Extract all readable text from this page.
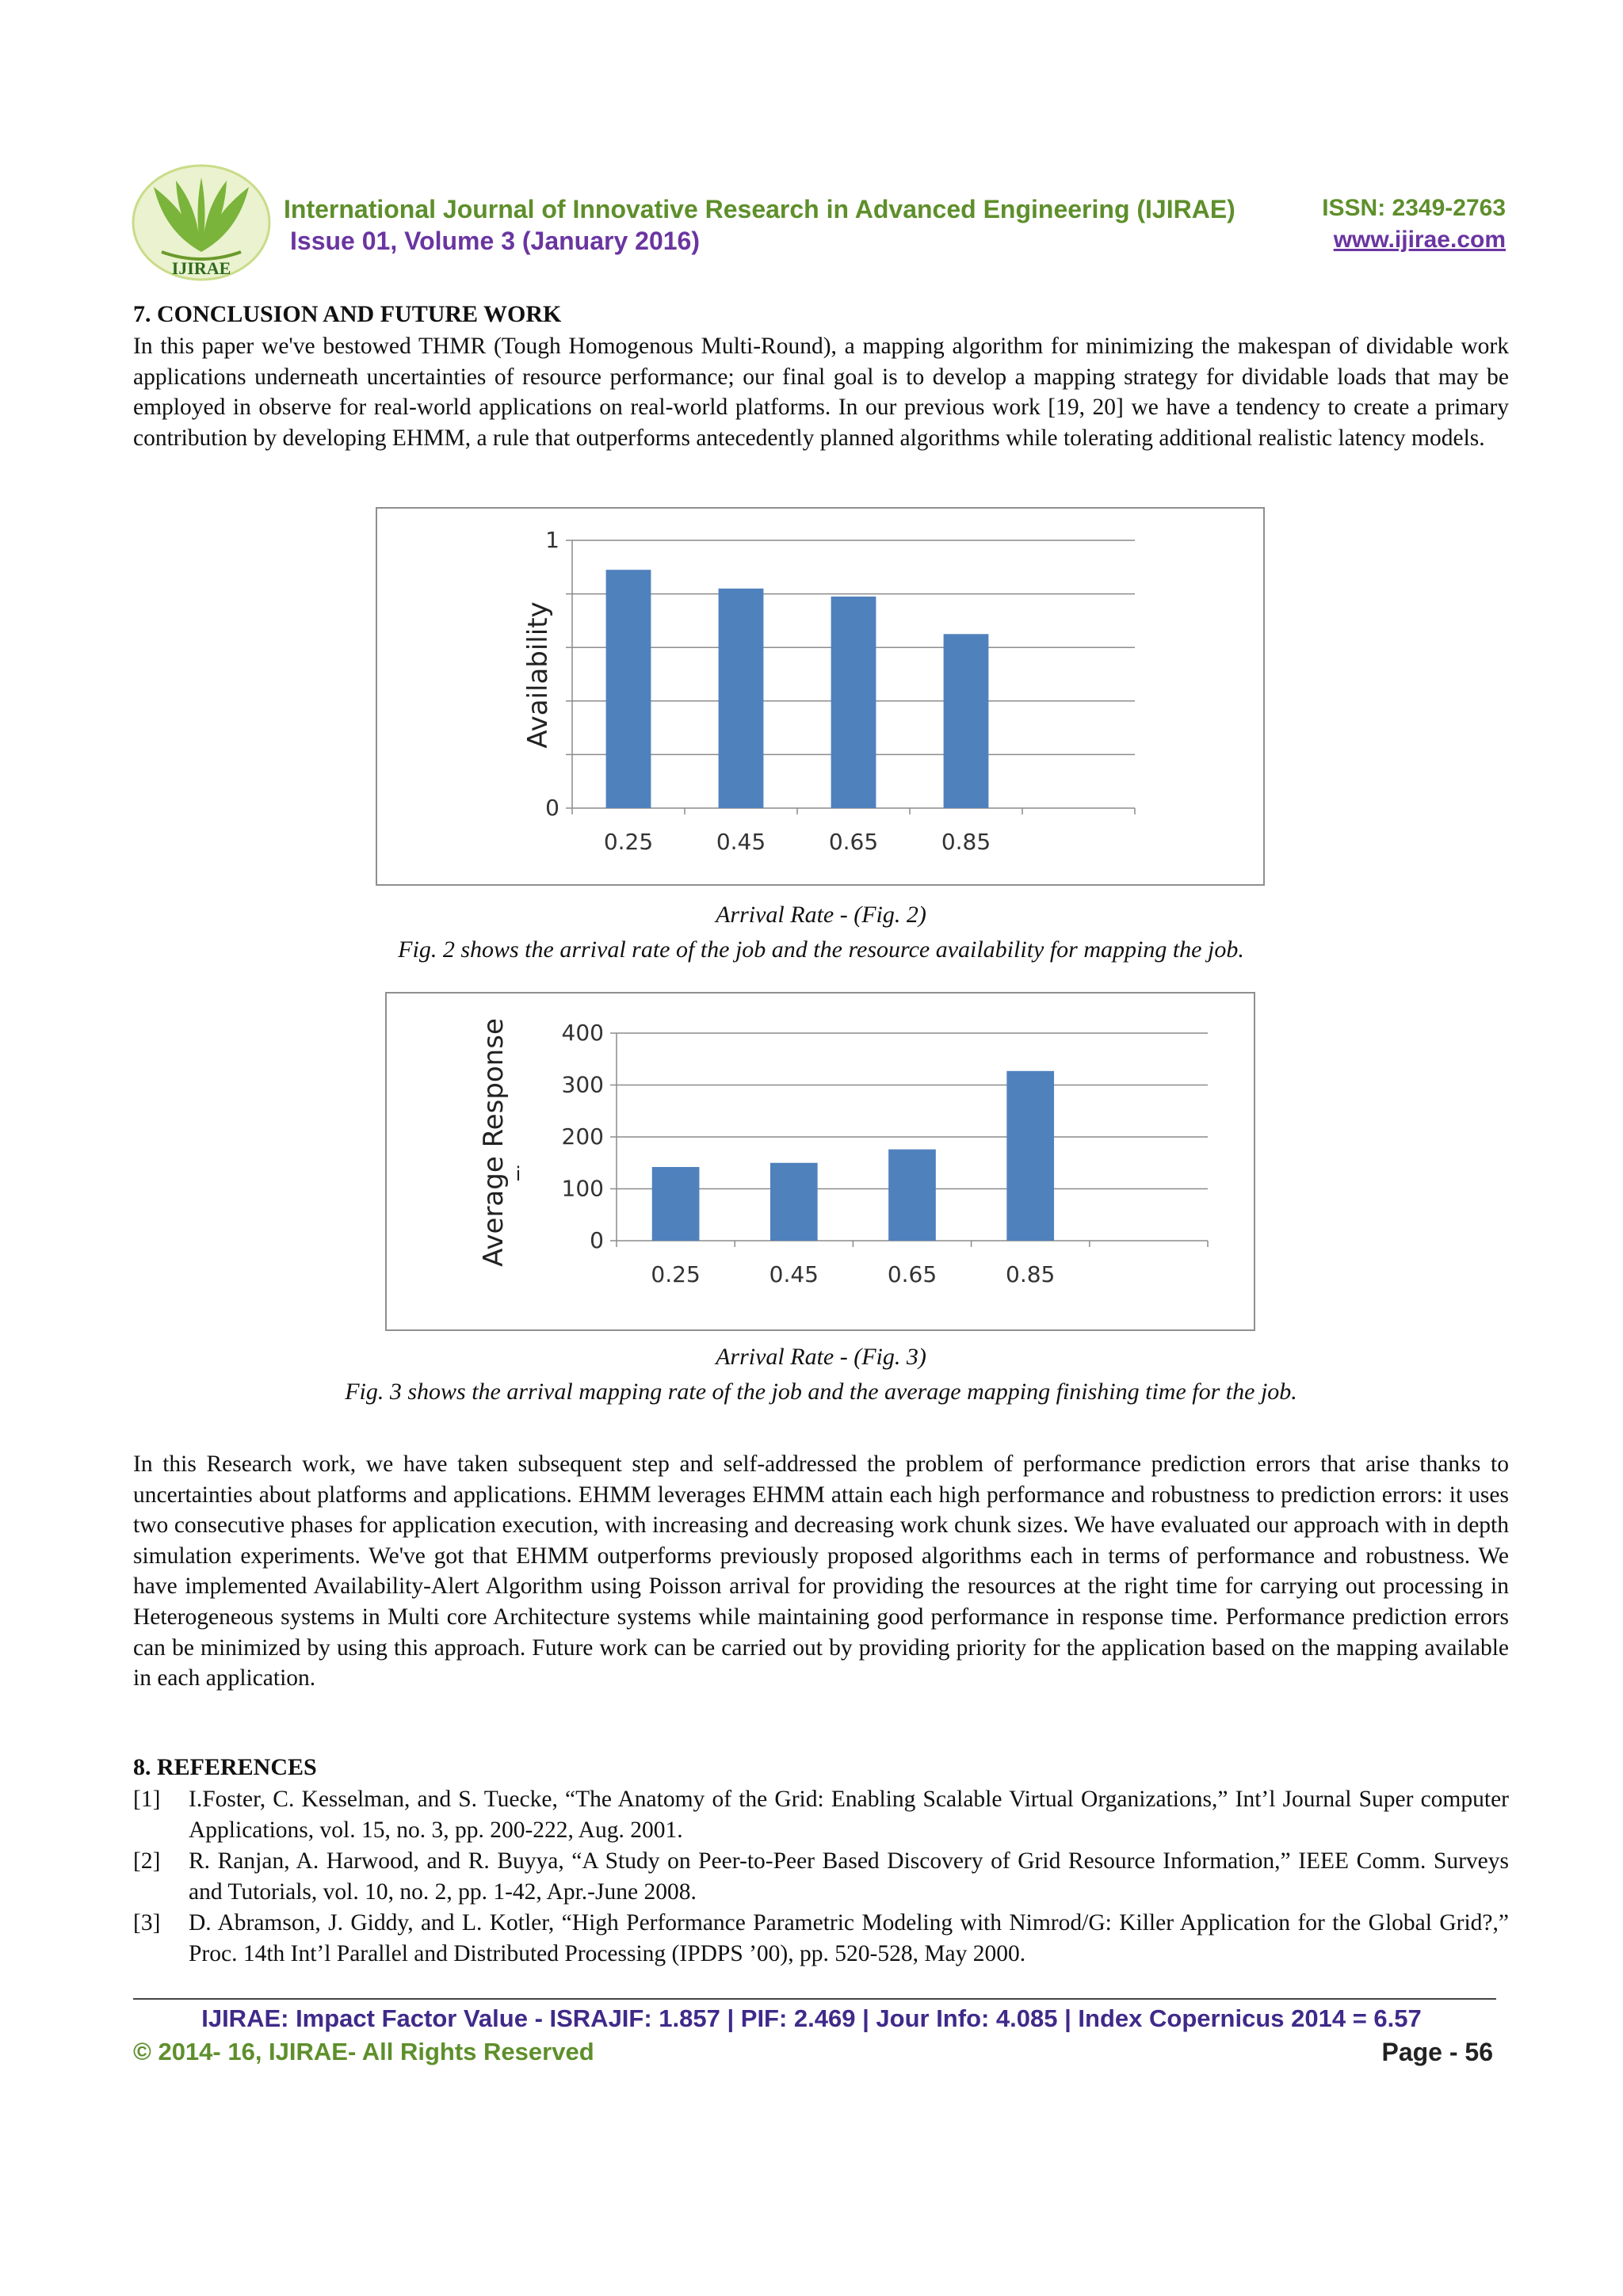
IJIRAE
International Journal of Innovative Research in Advanced Engineering (IJIRAE)
Issue 01, Volume 3 (January 2016)
ISSN: 2349-2763
www.ijirae.com
7. CONCLUSION AND FUTURE WORK

In this paper we've bestowed THMR (Tough Homogenous Multi-Round), a mapping algorithm for minimizing the makespan of dividable work applications underneath uncertainties of resource performance; our final goal is to develop a mapping strategy for dividable loads that may be employed in observe for real-world applications on real-world platforms. In our previous work [19, 20] we have a tendency to create a primary contribution by developing EHMM, a rule that outperforms antecedently planned algorithms while tolerating additional realistic latency models.

0
1
0.25	0.45	0.65	0.85
Availability
Arrival Rate - (Fig. 2)
Fig. 2 shows the arrival rate of the job and the resource availability for mapping the job.
0
100
200
300
400
0.25	0.45	0.65	0.85
Average Response i
Arrival Rate - (Fig. 3)
Fig. 3 shows the arrival mapping rate of the job and the average mapping finishing time for the job.

In this Research work, we have taken subsequent step and self-addressed the problem of performance prediction errors that arise thanks to uncertainties about platforms and applications. EHMM leverages EHMM attain each high performance and robustness to prediction errors: it uses two consecutive phases for application execution, with increasing and decreasing work chunk sizes. We have evaluated our approach with in depth simulation experiments. We've got that EHMM outperforms previously proposed algorithms each in terms of performance and robustness. We have implemented Availability-Alert Algorithm using Poisson arrival for providing the resources at the right time for carrying out processing in Heterogeneous systems in Multi core Architecture systems while maintaining good performance in response time. Performance prediction errors can be minimized by using this approach. Future work can be carried out by providing priority for the application based on the mapping available in each application.

8. REFERENCES
[1]	I.Foster, C. Kesselman, and S. Tuecke, “The Anatomy of the Grid: Enabling Scalable Virtual Organizations,” Int’l Journal Super computer Applications, vol. 15, no. 3, pp. 200-222, Aug. 2001.
[2]	R. Ranjan, A. Harwood, and R. Buyya, “A Study on Peer-to-Peer Based Discovery of Grid Resource Information,” IEEE Comm. Surveys and Tutorials, vol. 10, no. 2, pp. 1-42, Apr.-June 2008.
[3]	D. Abramson, J. Giddy, and L. Kotler, “High Performance Parametric Modeling with Nimrod/G: Killer Application for the Global Grid?,” Proc. 14th Int’l Parallel and Distributed Processing (IPDPS ’00), pp. 520-528, May 2000.
IJIRAE: Impact Factor Value - ISRAJIF: 1.857 | PIF: 2.469 | Jour Info: 4.085 | Index Copernicus 2014 = 6.57
© 2014- 16, IJIRAE- All Rights Reserved	Page - 56
